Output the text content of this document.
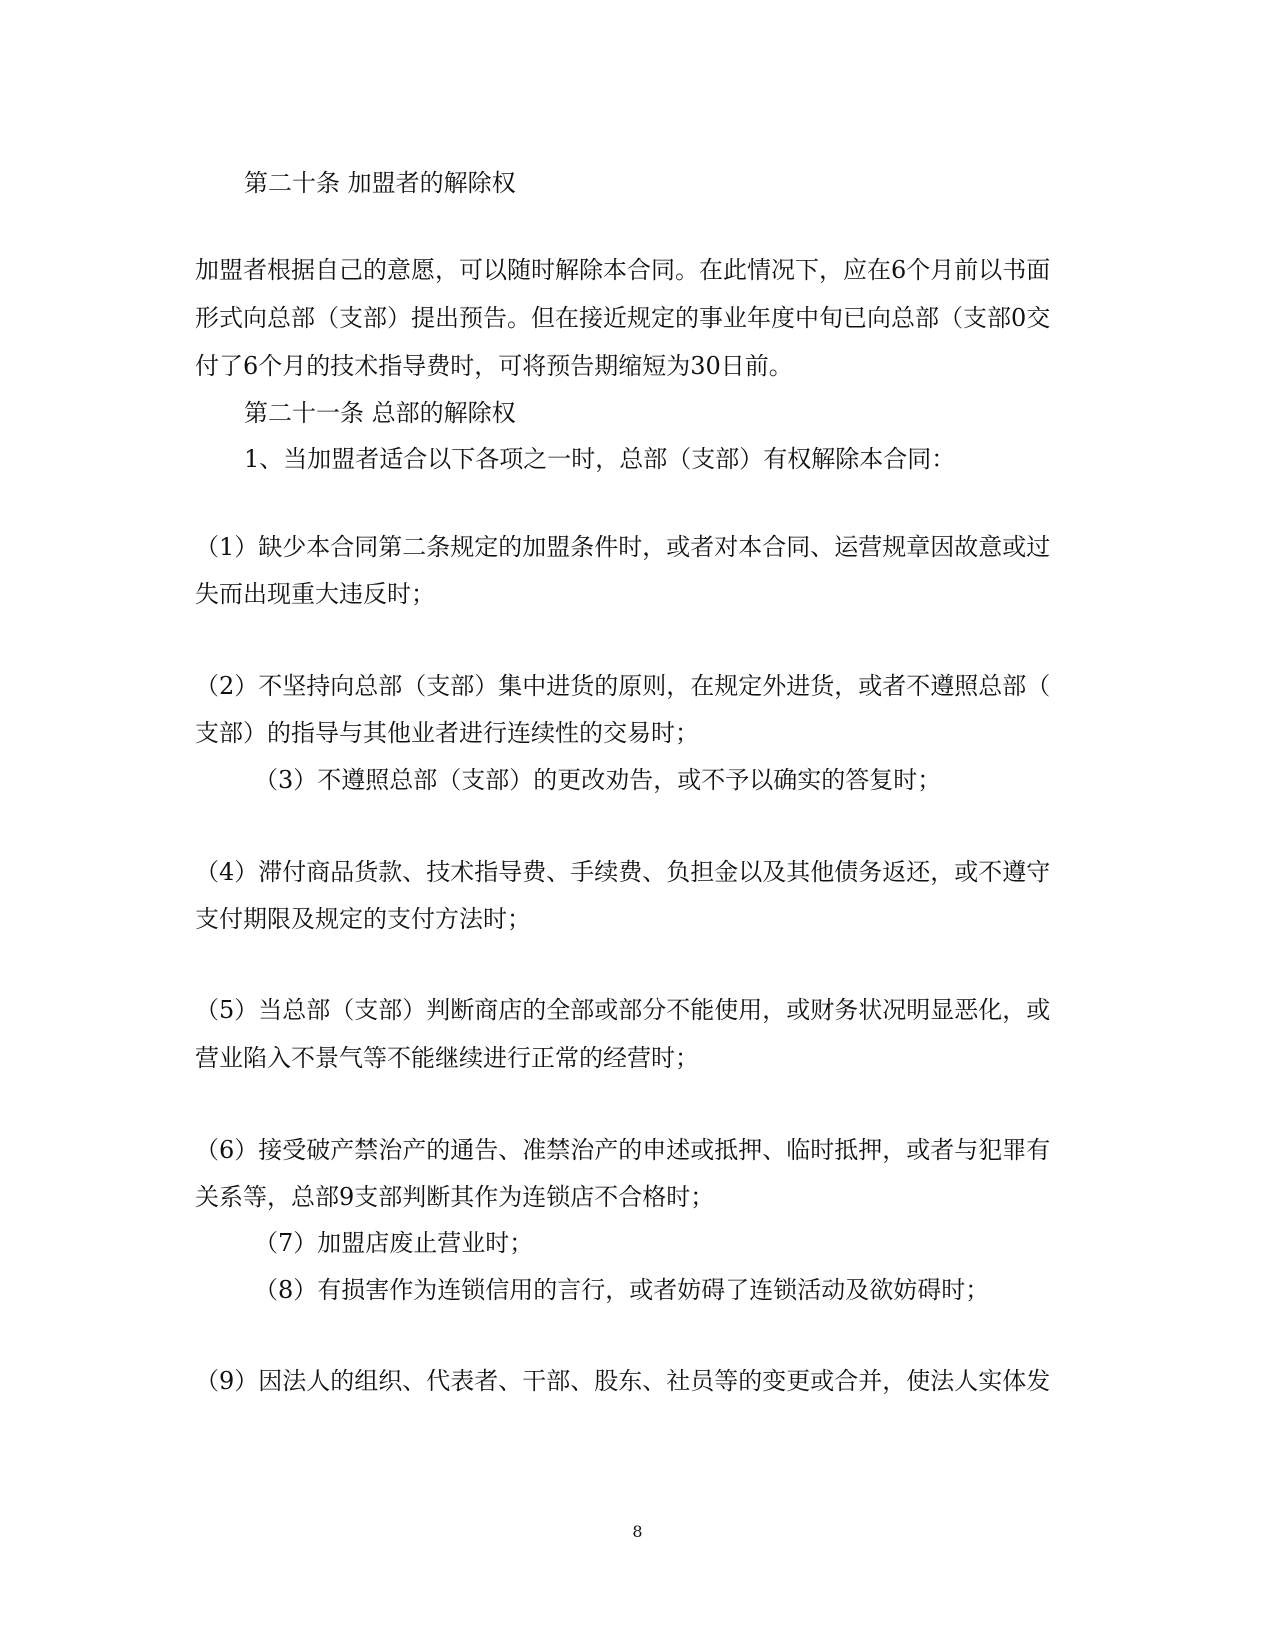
第二十条 加盟者的解除权
加盟者根据自己的意愿，可以随时解除本合同。在此情况下，应在6个月前以书面
形式向总部（支部）提出预告。但在接近规定的事业年度中旬已向总部（支部0交
付了6个月的技术指导费时，可将预告期缩短为30日前。
第二十一条 总部的解除权
1、当加盟者适合以下各项之一时，总部（支部）有权解除本合同：
（1）缺少本合同第二条规定的加盟条件时，或者对本合同、运营规章因故意或过
失而出现重大违反时；
（2）不坚持向总部（支部）集中进货的原则，在规定外进货，或者不遵照总部（
支部）的指导与其他业者进行连续性的交易时；
（3）不遵照总部（支部）的更改劝告，或不予以确实的答复时；
（4）滞付商品货款、技术指导费、手续费、负担金以及其他债务返还，或不遵守
支付期限及规定的支付方法时；
（5）当总部（支部）判断商店的全部或部分不能使用，或财务状况明显恶化，或
营业陷入不景气等不能继续进行正常的经营时；
（6）接受破产禁治产的通告、准禁治产的申述或抵押、临时抵押，或者与犯罪有
关系等，总部9支部判断其作为连锁店不合格时；
（7）加盟店废止营业时；
（8）有损害作为连锁信用的言行，或者妨碍了连锁活动及欲妨碍时；
（9）因法人的组织、代表者、干部、股东、社员等的变更或合并，使法人实体发
8
